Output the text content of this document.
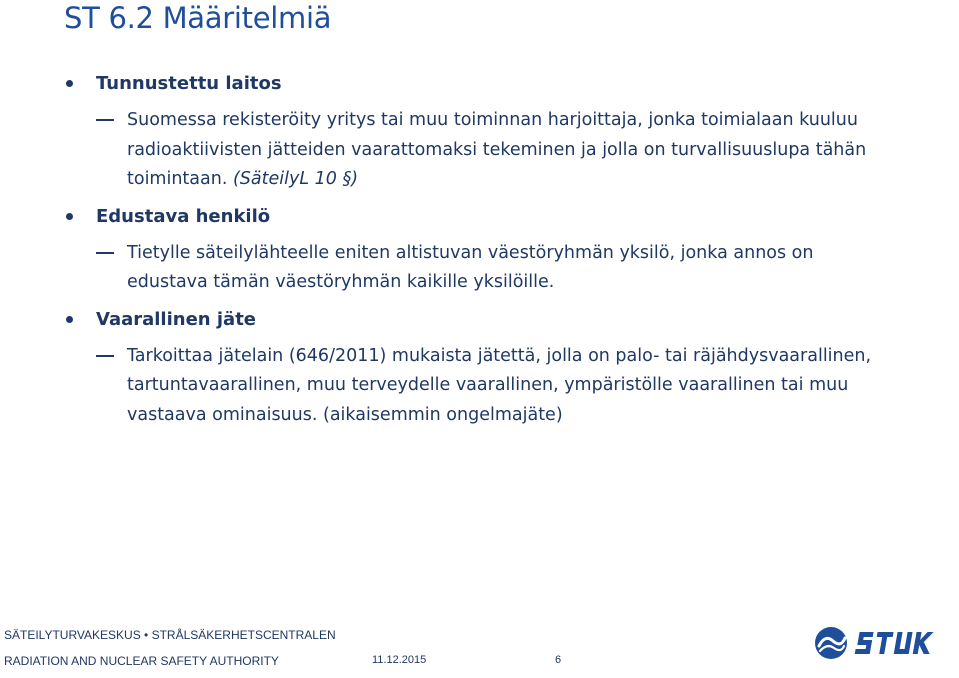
ST 6.2 Määritelmiä
Tunnustettu laitos
Suomessa rekisteröity yritys tai muu toiminnan harjoittaja, jonka toimialaan kuuluu radioaktiivisten jätteiden vaarattomaksi tekeminen ja jolla on turvallisuuslupa tähän toimintaan. (SäteilyL 10 §)
Edustava henkilö
Tietylle säteilylähteelle eniten altistuvan väestöryhmän yksilö, jonka annos on edustava tämän väestöryhmän kaikille yksilöille.
Vaarallinen jäte
Tarkoittaa jätelain (646/2011) mukaista jätettä, jolla on palo- tai räjähdysvaarallinen, tartuntavaarallinen, muu terveydelle vaarallinen, ympäristölle vaarallinen tai muu vastaava ominaisuus. (aikaisemmin ongelmajäte)
SÄTEILYTURVAKESKUS • STRÅLSÄKERHETSCENTRALEN
RADIATION AND NUCLEAR SAFETY AUTHORITY	11.12.2015	6
